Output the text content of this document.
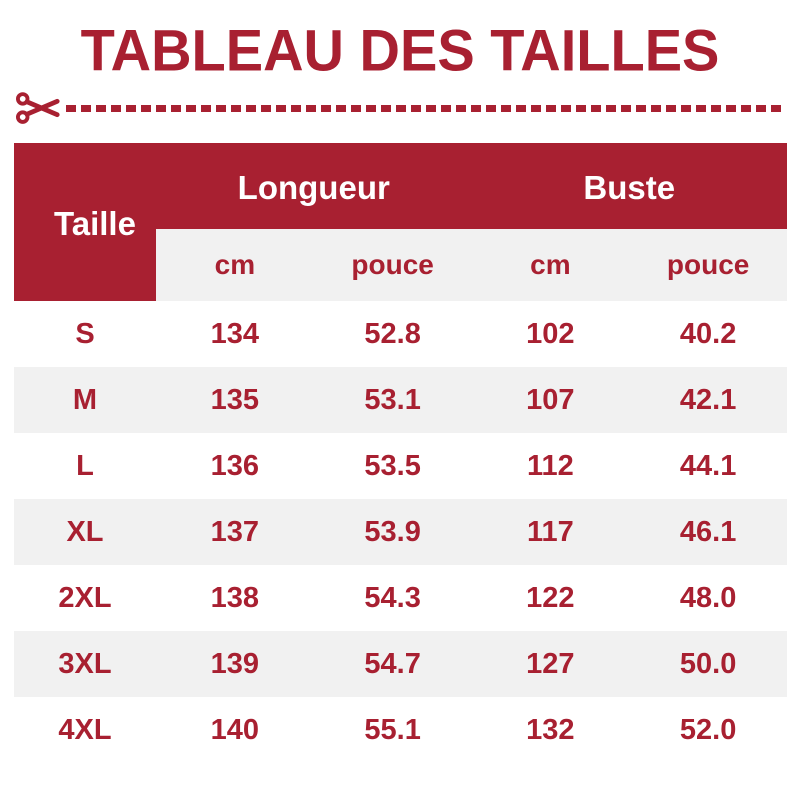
TABLEAU DES TAILLES
Taille	Longueur		Buste	
	cm	pouce	cm	pouce
S	134	52.8	102	40.2
M	135	53.1	107	42.1
L	136	53.5	112	44.1
XL	137	53.9	117	46.1
2XL	138	54.3	122	48.0
3XL	139	54.7	127	50.0
4XL	140	55.1	132	52.0
